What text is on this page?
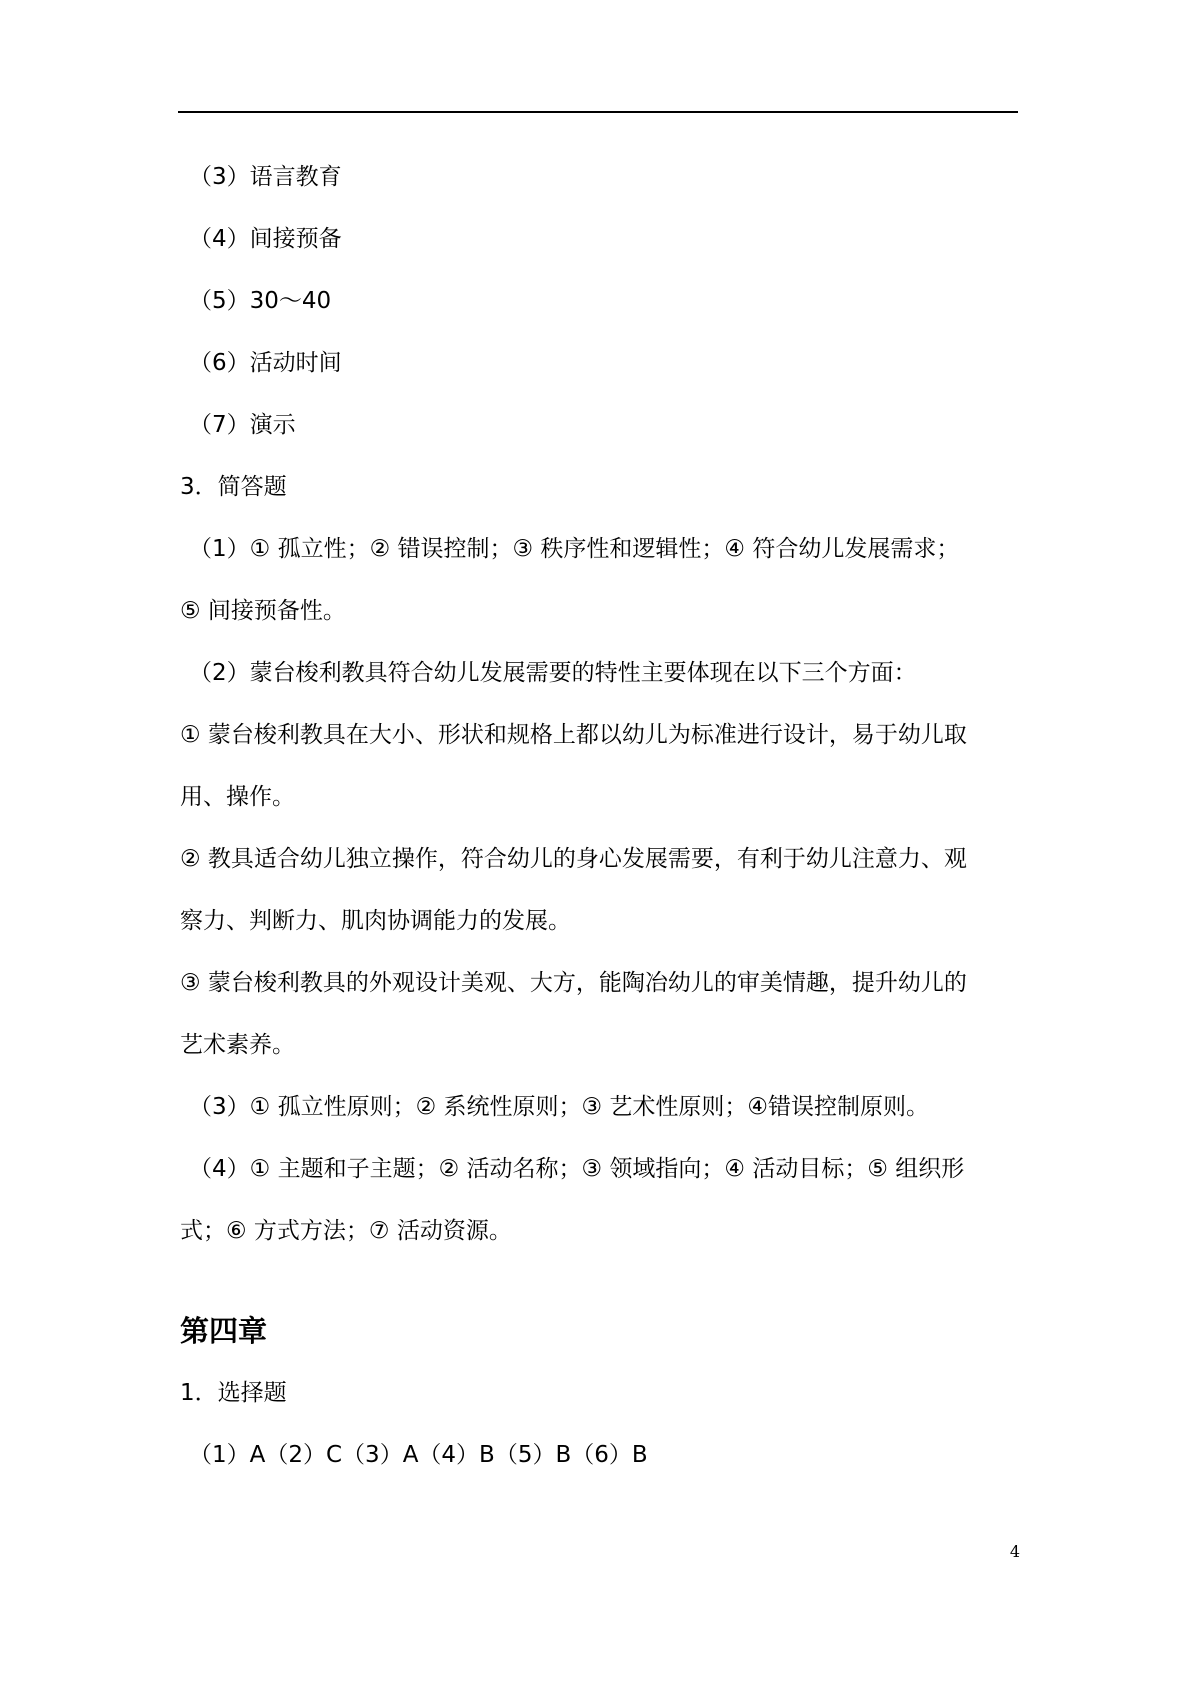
（3）语言教育
（4）间接预备
（5）30～40
（6）活动时间
（7）演示
3．简答题
（1）① 孤立性；② 错误控制；③ 秩序性和逻辑性；④ 符合幼儿发展需求；
⑤ 间接预备性。
（2）蒙台梭利教具符合幼儿发展需要的特性主要体现在以下三个方面：
① 蒙台梭利教具在大小、形状和规格上都以幼儿为标准进行设计，易于幼儿取
用、操作。
② 教具适合幼儿独立操作，符合幼儿的身心发展需要，有利于幼儿注意力、观
察力、判断力、肌肉协调能力的发展。
③ 蒙台梭利教具的外观设计美观、大方，能陶冶幼儿的审美情趣，提升幼儿的
艺术素养。
（3）① 孤立性原则；② 系统性原则；③ 艺术性原则；④错误控制原则。
（4）① 主题和子主题；② 活动名称；③ 领域指向；④ 活动目标；⑤ 组织形
式；⑥ 方式方法；⑦ 活动资源。
第四章
1．选择题
（1）A（2）C（3）A（4）B（5）B（6）B
4
